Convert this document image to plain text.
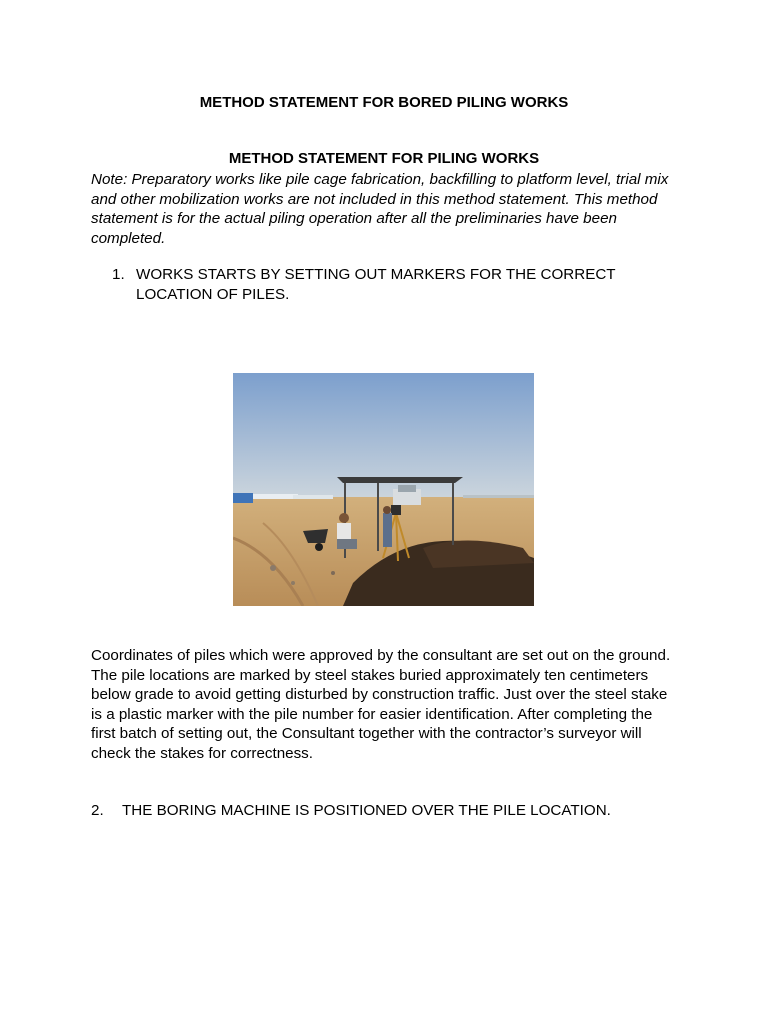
METHOD STATEMENT FOR BORED PILING WORKS
METHOD STATEMENT FOR PILING WORKS
Note: Preparatory works like pile cage fabrication, backfilling to platform level, trial mix and other mobilization works are not included in this method statement. This method statement is for the actual piling operation after all the preliminaries have been completed.
1. WORKS STARTS BY SETTING OUT MARKERS FOR THE CORRECT LOCATION OF PILES.
Coordinates of piles which were approved by the consultant are set out on the ground. The pile locations are marked by steel stakes buried approximately ten centimeters below grade to avoid getting disturbed by construction traffic. Just over the steel stake is a plastic marker with the pile number for easier identification. After completing the first batch of setting out, the Consultant together with the contractor’s surveyor will check the stakes for correctness.
2. THE BORING MACHINE IS POSITIONED OVER THE PILE LOCATION.
